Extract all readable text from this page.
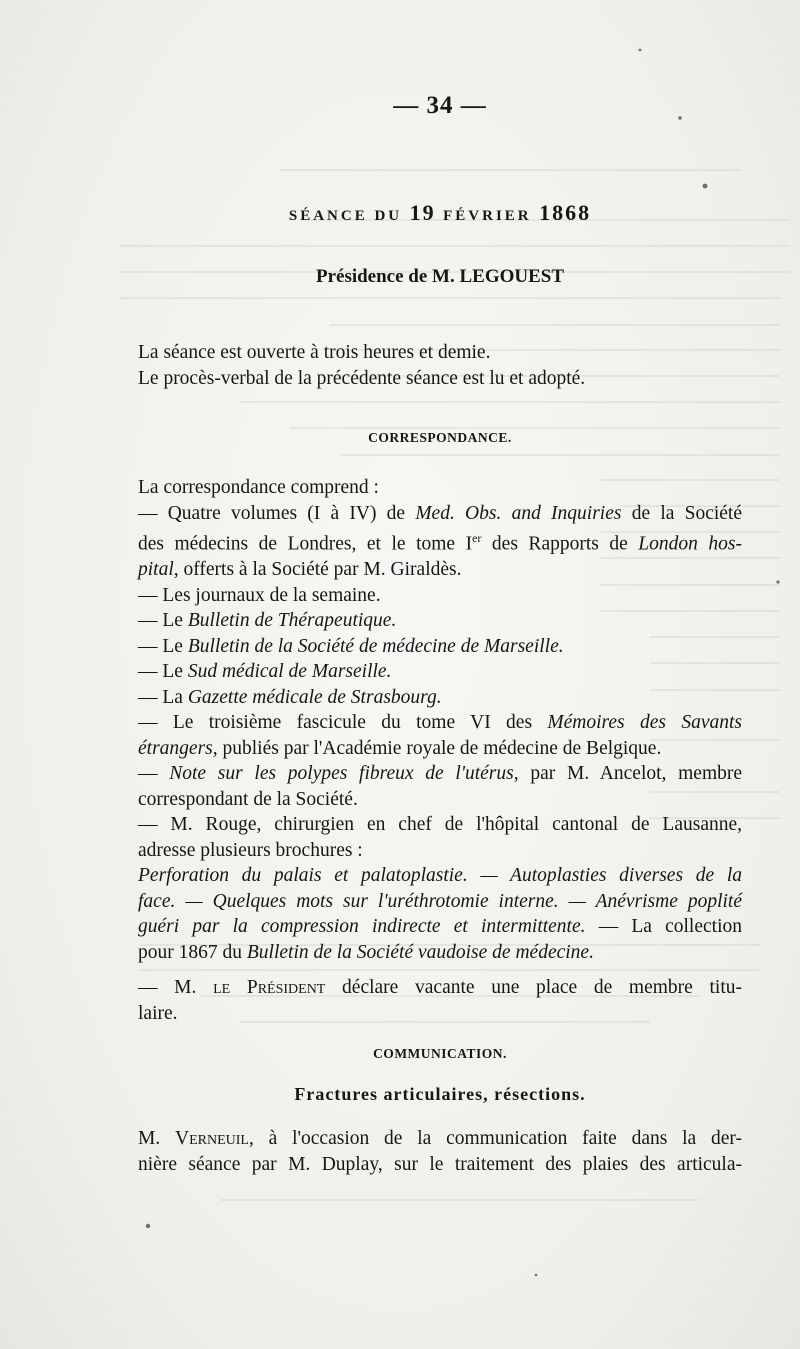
— 34 —
SÉANCE DU 19 FÉVRIER 1868
Présidence de M. LEGOUEST
La séance est ouverte à trois heures et demie.
Le procès-verbal de la précédente séance est lu et adopté.
CORRESPONDANCE.
La correspondance comprend :
— Quatre volumes (I à IV) de Med. Obs. and Inquiries de la Société
des médecins de Londres, et le tome Ier des Rapports de London hos-
pital, offerts à la Société par M. Giraldès.
— Les journaux de la semaine.
— Le Bulletin de Thérapeutique.
— Le Bulletin de la Société de médecine de Marseille.
— Le Sud médical de Marseille.
— La Gazette médicale de Strasbourg.
— Le troisième fascicule du tome VI des Mémoires des Savants
étrangers, publiés par l'Académie royale de médecine de Belgique.
— Note sur les polypes fibreux de l'utérus, par M. Ancelot, membre
correspondant de la Société.
— M. Rouge, chirurgien en chef de l'hôpital cantonal de Lausanne,
adresse plusieurs brochures :
Perforation du palais et palatoplastie. — Autoplasties diverses de la
face. — Quelques mots sur l'uréthrotomie interne. — Anévrisme poplité
guéri par la compression indirecte et intermittente. — La collection
pour 1867 du Bulletin de la Société vaudoise de médecine.
— M. le Président déclare vacante une place de membre titu-
laire.
COMMUNICATION.
Fractures articulaires, résections.
M. Verneuil, à l'occasion de la communication faite dans la der-
nière séance par M. Duplay, sur le traitement des plaies des articula-
